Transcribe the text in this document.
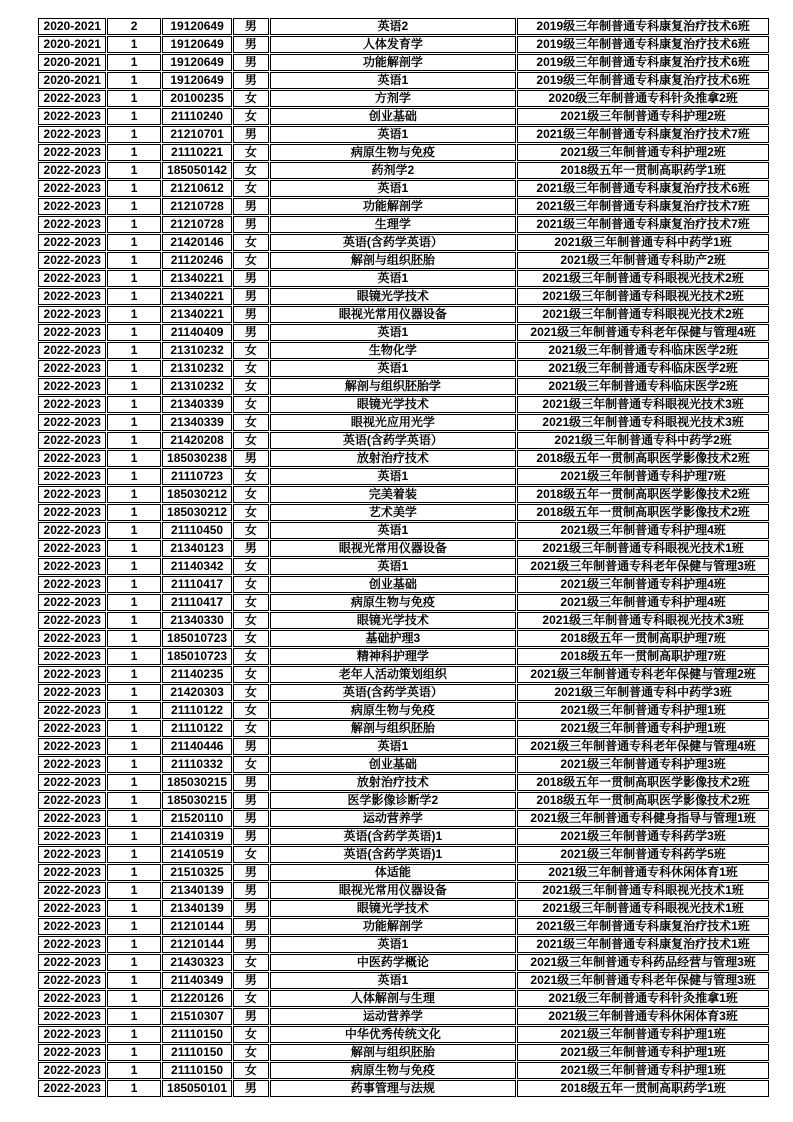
2020-2021	2	19120649	男	英语2	2019级三年制普通专科康复治疗技术6班
2020-2021	1	19120649	男	人体发育学	2019级三年制普通专科康复治疗技术6班
2020-2021	1	19120649	男	功能解剖学	2019级三年制普通专科康复治疗技术6班
2020-2021	1	19120649	男	英语1	2019级三年制普通专科康复治疗技术6班
2022-2023	1	20100235	女	方剂学	2020级三年制普通专科针灸推拿2班
2022-2023	1	21110240	女	创业基础	2021级三年制普通专科护理2班
2022-2023	1	21210701	男	英语1	2021级三年制普通专科康复治疗技术7班
2022-2023	1	21110221	女	病原生物与免疫	2021级三年制普通专科护理2班
2022-2023	1	185050142	女	药剂学2	2018级五年一贯制高职药学1班
2022-2023	1	21210612	女	英语1	2021级三年制普通专科康复治疗技术6班
2022-2023	1	21210728	男	功能解剖学	2021级三年制普通专科康复治疗技术7班
2022-2023	1	21210728	男	生理学	2021级三年制普通专科康复治疗技术7班
2022-2023	1	21420146	女	英语(含药学英语）	2021级三年制普通专科中药学1班
2022-2023	1	21120246	女	解剖与组织胚胎	2021级三年制普通专科助产2班
2022-2023	1	21340221	男	英语1	2021级三年制普通专科眼视光技术2班
2022-2023	1	21340221	男	眼镜光学技术	2021级三年制普通专科眼视光技术2班
2022-2023	1	21340221	男	眼视光常用仪器设备	2021级三年制普通专科眼视光技术2班
2022-2023	1	21140409	男	英语1	2021级三年制普通专科老年保健与管理4班
2022-2023	1	21310232	女	生物化学	2021级三年制普通专科临床医学2班
2022-2023	1	21310232	女	英语1	2021级三年制普通专科临床医学2班
2022-2023	1	21310232	女	解剖与组织胚胎学	2021级三年制普通专科临床医学2班
2022-2023	1	21340339	女	眼镜光学技术	2021级三年制普通专科眼视光技术3班
2022-2023	1	21340339	女	眼视光应用光学	2021级三年制普通专科眼视光技术3班
2022-2023	1	21420208	女	英语(含药学英语）	2021级三年制普通专科中药学2班
2022-2023	1	185030238	男	放射治疗技术	2018级五年一贯制高职医学影像技术2班
2022-2023	1	21110723	女	英语1	2021级三年制普通专科护理7班
2022-2023	1	185030212	女	完美着装	2018级五年一贯制高职医学影像技术2班
2022-2023	1	185030212	女	艺术美学	2018级五年一贯制高职医学影像技术2班
2022-2023	1	21110450	女	英语1	2021级三年制普通专科护理4班
2022-2023	1	21340123	男	眼视光常用仪器设备	2021级三年制普通专科眼视光技术1班
2022-2023	1	21140342	女	英语1	2021级三年制普通专科老年保健与管理3班
2022-2023	1	21110417	女	创业基础	2021级三年制普通专科护理4班
2022-2023	1	21110417	女	病原生物与免疫	2021级三年制普通专科护理4班
2022-2023	1	21340330	女	眼镜光学技术	2021级三年制普通专科眼视光技术3班
2022-2023	1	185010723	女	基础护理3	2018级五年一贯制高职护理7班
2022-2023	1	185010723	女	精神科护理学	2018级五年一贯制高职护理7班
2022-2023	1	21140235	女	老年人活动策划组织	2021级三年制普通专科老年保健与管理2班
2022-2023	1	21420303	女	英语(含药学英语）	2021级三年制普通专科中药学3班
2022-2023	1	21110122	女	病原生物与免疫	2021级三年制普通专科护理1班
2022-2023	1	21110122	女	解剖与组织胚胎	2021级三年制普通专科护理1班
2022-2023	1	21140446	男	英语1	2021级三年制普通专科老年保健与管理4班
2022-2023	1	21110332	女	创业基础	2021级三年制普通专科护理3班
2022-2023	1	185030215	男	放射治疗技术	2018级五年一贯制高职医学影像技术2班
2022-2023	1	185030215	男	医学影像诊断学2	2018级五年一贯制高职医学影像技术2班
2022-2023	1	21520110	男	运动营养学	2021级三年制普通专科健身指导与管理1班
2022-2023	1	21410319	男	英语(含药学英语)1	2021级三年制普通专科药学3班
2022-2023	1	21410519	女	英语(含药学英语)1	2021级三年制普通专科药学5班
2022-2023	1	21510325	男	体适能	2021级三年制普通专科休闲体育1班
2022-2023	1	21340139	男	眼视光常用仪器设备	2021级三年制普通专科眼视光技术1班
2022-2023	1	21340139	男	眼镜光学技术	2021级三年制普通专科眼视光技术1班
2022-2023	1	21210144	男	功能解剖学	2021级三年制普通专科康复治疗技术1班
2022-2023	1	21210144	男	英语1	2021级三年制普通专科康复治疗技术1班
2022-2023	1	21430323	女	中医药学概论	2021级三年制普通专科药品经营与管理3班
2022-2023	1	21140349	男	英语1	2021级三年制普通专科老年保健与管理3班
2022-2023	1	21220126	女	人体解剖与生理	2021级三年制普通专科针灸推拿1班
2022-2023	1	21510307	男	运动营养学	2021级三年制普通专科休闲体育3班
2022-2023	1	21110150	女	中华优秀传统文化	2021级三年制普通专科护理1班
2022-2023	1	21110150	女	解剖与组织胚胎	2021级三年制普通专科护理1班
2022-2023	1	21110150	女	病原生物与免疫	2021级三年制普通专科护理1班
2022-2023	1	185050101	男	药事管理与法规	2018级五年一贯制高职药学1班
